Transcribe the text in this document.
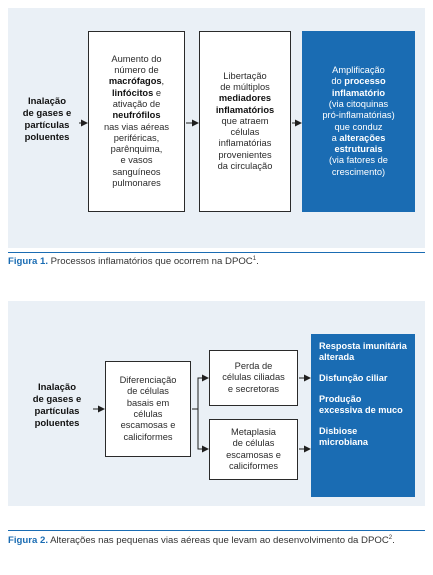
Inalação
de gases e
partículas
poluentes
Aumento do
número de
macrófagos,
linfócitos e
ativação de
neufrófilos
nas vias aéreas
periféricas,
parênquima,
e vasos
sanguíneos
pulmonares
Libertação
de múltiplos
mediadores
inflamatórios
que atraem
células
inflamatórias
provenientes
da circulação
Amplificação
do processo
inflamatório
(via citoquinas
pró-inflamatórias)
que conduz
a alterações
estruturais
(via fatores de
crescimento)
Figura 1. Processos inflamatórios que ocorrem na DPOC$^1$.
Inalação
de gases e
partículas
poluentes
Diferenciação
de células
basais em
células
escamosas e
caliciformes
Perda de
células ciliadas
e secretoras
Metaplasia
de células
escamosas e
caliciformes
Resposta imunitária alterada
Disfunção ciliar
Produção excessiva de muco
Disbiose microbiana
Figura 2. Alterações nas pequenas vias aéreas que levam ao desenvolvimento da DPOC$^2$.
